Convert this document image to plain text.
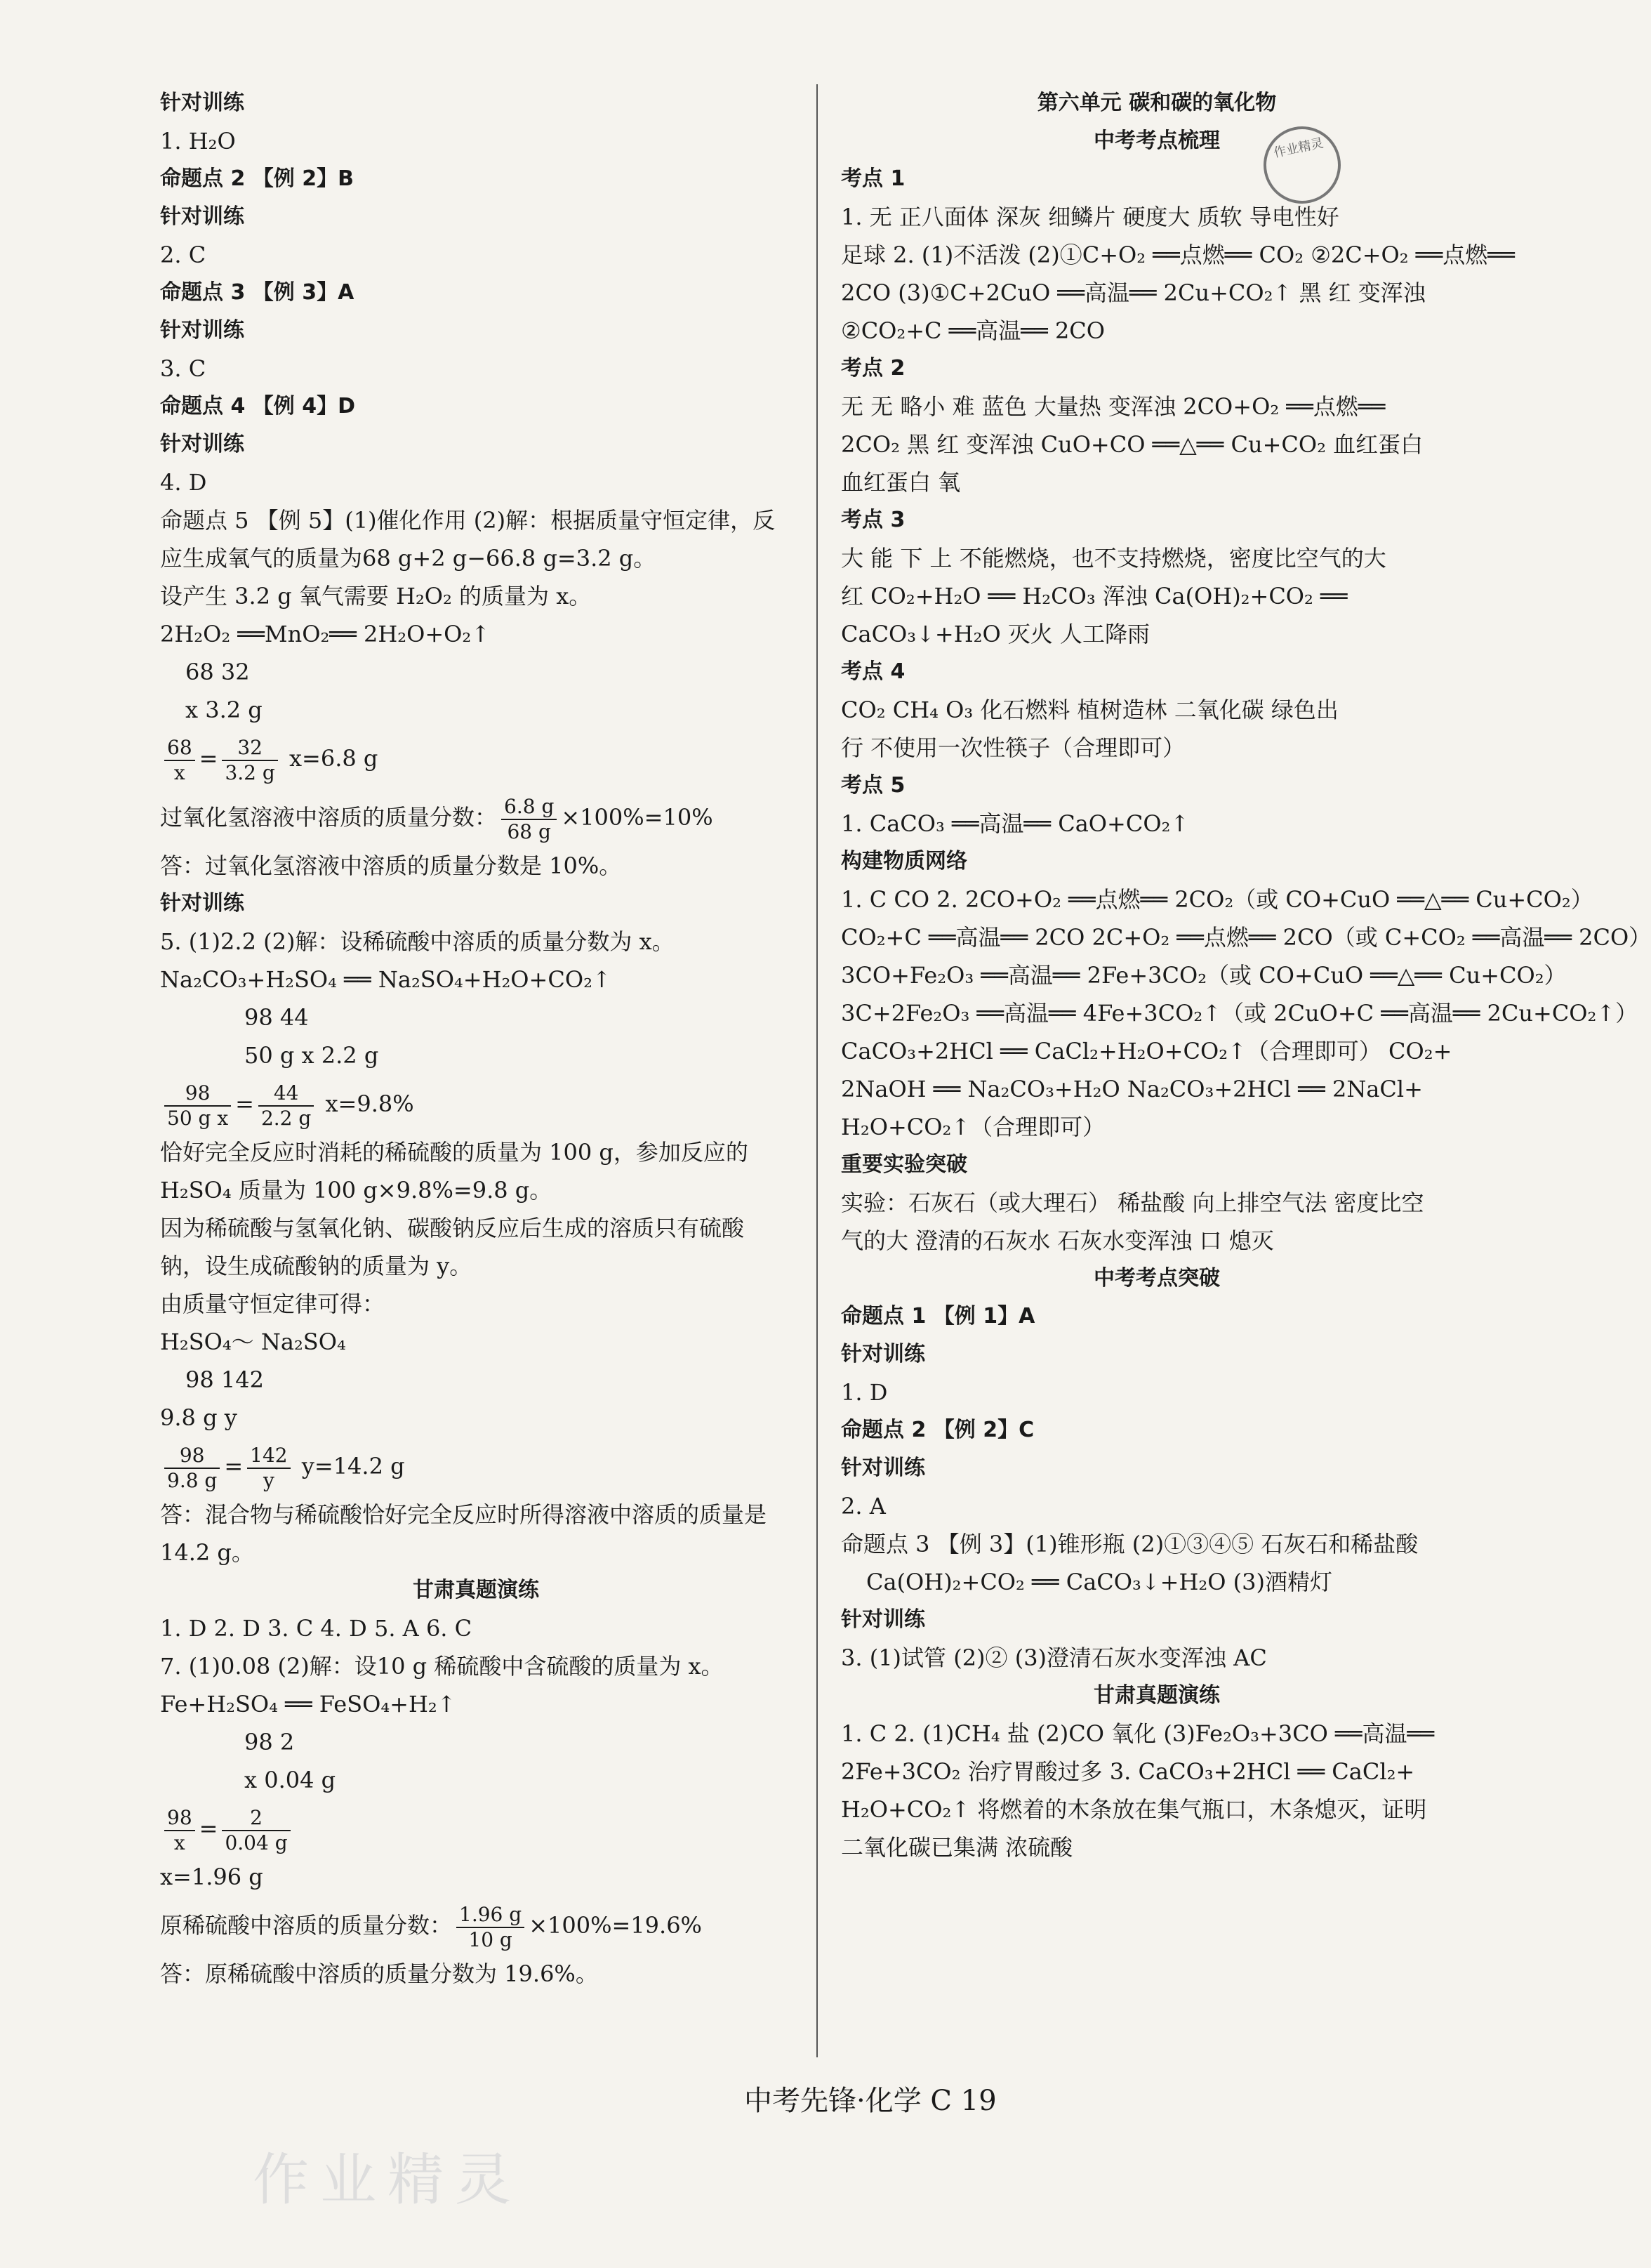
针对训练
1. H₂O
命题点 2 【例 2】B
针对训练
2. C
命题点 3 【例 3】A
针对训练
3. C
命题点 4 【例 4】D
针对训练
4. D
命题点 5 【例 5】(1)催化作用 (2)解：根据质量守恒定律，反
应生成氧气的质量为68 g+2 g−66.8 g=3.2 g。
设产生 3.2 g 氧气需要 H₂O₂ 的质量为 x。
2H₂O₂ ══MnO₂══ 2H₂O+O₂↑
68 32
x 3.2 g
$\frac{68}{x} = \frac{32}{3.2 g} x=6.8$ g
过氧化氢溶液中溶质的质量分数： $\frac{6.8 g}{68 g} \times 100\%=10\%$
答：过氧化氢溶液中溶质的质量分数是 10%。
针对训练
5. (1)2.2 (2)解：设稀硫酸中溶质的质量分数为 x。
Na₂CO₃+H₂SO₄ ══ Na₂SO₄+H₂O+CO₂↑
98 44
50 g x 2.2 g
$\frac{98}{\text{50 g x}} = \frac{44}{2.2 g} x=9.8\%$
恰好完全反应时消耗的稀硫酸的质量为 100 g，参加反应的
H₂SO₄ 质量为 100 g×9.8%=9.8 g。
因为稀硫酸与氢氧化钠、碳酸钠反应后生成的溶质只有硫酸
钠，设生成硫酸钠的质量为 y。
由质量守恒定律可得：
H₂SO₄～ Na₂SO₄
98 142
9.8 g y
$\frac{98}{9.8 g} = \frac{142}{y} y=14.2$ g
答：混合物与稀硫酸恰好完全反应时所得溶液中溶质的质量是
14.2 g。
甘肃真题演练
1. D 2. D 3. C 4. D 5. A 6. C
7. (1)0.08 (2)解：设10 g 稀硫酸中含硫酸的质量为 x。
Fe+H₂SO₄ ══ FeSO₄+H₂↑
98 2
x 0.04 g
$\frac{98}{x} = \frac{2}{0.04 g}$
x=1.96 g
原稀硫酸中溶质的质量分数： $\frac{1.96 g}{10 g} \times 100\%=19.6\%$
答：原稀硫酸中溶质的质量分数为 19.6%。
第六单元 碳和碳的氧化物
中考考点梳理
考点 1
1. 无 正八面体 深灰 细鳞片 硬度大 质软 导电性好
足球 2. (1)不活泼 (2)①C+O₂ ══点燃══ CO₂ ②2C+O₂ ══点燃══
2CO (3)①C+2CuO ══高温══ 2Cu+CO₂↑ 黑 红 变浑浊
②CO₂+C ══高温══ 2CO
考点 2
无 无 略小 难 蓝色 大量热 变浑浊 2CO+O₂ ══点燃══
2CO₂ 黑 红 变浑浊 CuO+CO ══△══ Cu+CO₂ 血红蛋白
血红蛋白 氧
考点 3
大 能 下 上 不能燃烧，也不支持燃烧，密度比空气的大
红 CO₂+H₂O ══ H₂CO₃ 浑浊 Ca(OH)₂+CO₂ ══
CaCO₃↓+H₂O 灭火 人工降雨
考点 4
CO₂ CH₄ O₃ 化石燃料 植树造林 二氧化碳 绿色出
行 不使用一次性筷子（合理即可）
考点 5
1. CaCO₃ ══高温══ CaO+CO₂↑
构建物质网络
1. C CO 2. 2CO+O₂ ══点燃══ 2CO₂（或 CO+CuO ══△══ Cu+CO₂）
CO₂+C ══高温══ 2CO 2C+O₂ ══点燃══ 2CO（或 C+CO₂ ══高温══ 2CO）
3CO+Fe₂O₃ ══高温══ 2Fe+3CO₂（或 CO+CuO ══△══ Cu+CO₂）
3C+2Fe₂O₃ ══高温══ 4Fe+3CO₂↑（或 2CuO+C ══高温══ 2Cu+CO₂↑）
CaCO₃+2HCl ══ CaCl₂+H₂O+CO₂↑（合理即可） CO₂+
2NaOH ══ Na₂CO₃+H₂O Na₂CO₃+2HCl ══ 2NaCl+
H₂O+CO₂↑（合理即可）
重要实验突破
实验：石灰石（或大理石） 稀盐酸 向上排空气法 密度比空
气的大 澄清的石灰水 石灰水变浑浊 口 熄灭
中考考点突破
命题点 1 【例 1】A
针对训练
1. D
命题点 2 【例 2】C
针对训练
2. A
命题点 3 【例 3】(1)锥形瓶 (2)①③④⑤ 石灰石和稀盐酸
Ca(OH)₂+CO₂ ══ CaCO₃↓+H₂O (3)酒精灯
针对训练
3. (1)试管 (2)② (3)澄清石灰水变浑浊 AC
甘肃真题演练
1. C 2. (1)CH₄ 盐 (2)CO 氧化 (3)Fe₂O₃+3CO ══高温══
2Fe+3CO₂ 治疗胃酸过多 3. CaCO₃+2HCl ══ CaCl₂+
H₂O+CO₂↑ 将燃着的木条放在集气瓶口，木条熄灭，证明
二氧化碳已集满 浓硫酸
作业精灵
中考先锋·化学 C 19
作业精灵
